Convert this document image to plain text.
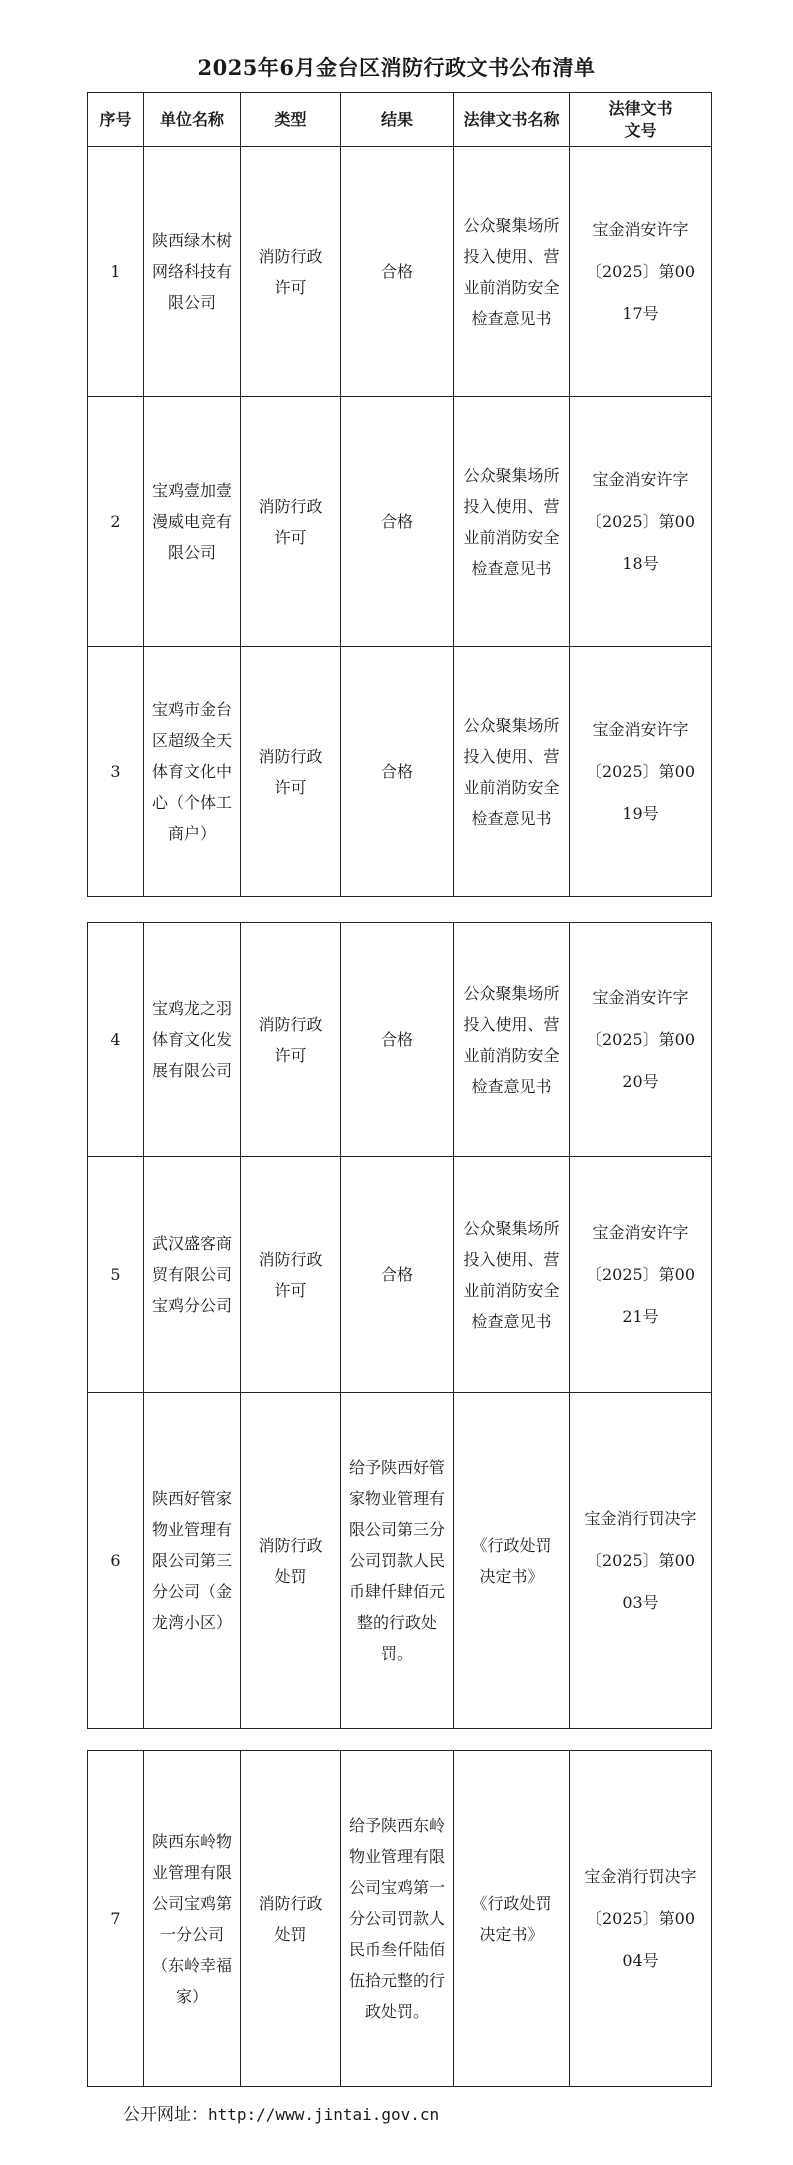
2025年6月金台区消防行政文书公布清单
序号	单位名称	类型	结果	法律文书名称	法律文书文号
1	陕西绿木树网络科技有限公司	消防行政许可	合格	公众聚集场所投入使用、营业前消防安全检查意见书	宝金消安许字〔2025〕第0017号
2	宝鸡壹加壹漫威电竞有限公司	消防行政许可	合格	公众聚集场所投入使用、营业前消防安全检查意见书	宝金消安许字〔2025〕第0018号
3	宝鸡市金台区超级全天体育文化中心（个体工商户）	消防行政许可	合格	公众聚集场所投入使用、营业前消防安全检查意见书	宝金消安许字〔2025〕第0019号
4	宝鸡龙之羽体育文化发展有限公司	消防行政许可	合格	公众聚集场所投入使用、营业前消防安全检查意见书	宝金消安许字〔2025〕第0020号
5	武汉盛客商贸有限公司宝鸡分公司	消防行政许可	合格	公众聚集场所投入使用、营业前消防安全检查意见书	宝金消安许字〔2025〕第0021号
6	陕西好管家物业管理有限公司第三分公司（金龙湾小区）	消防行政处罚	给予陕西好管家物业管理有限公司第三分公司罚款人民币肆仟肆佰元整的行政处罚。	《行政处罚决定书》	宝金消行罚决字〔2025〕第0003号
7	陕西东岭物业管理有限公司宝鸡第一分公司（东岭幸福家）	消防行政处罚	给予陕西东岭物业管理有限公司宝鸡第一分公司罚款人民币叁仟陆佰伍拾元整的行政处罚。	《行政处罚决定书》	宝金消行罚决字〔2025〕第0004号
公开网址：http://www.jintai.gov.cn
